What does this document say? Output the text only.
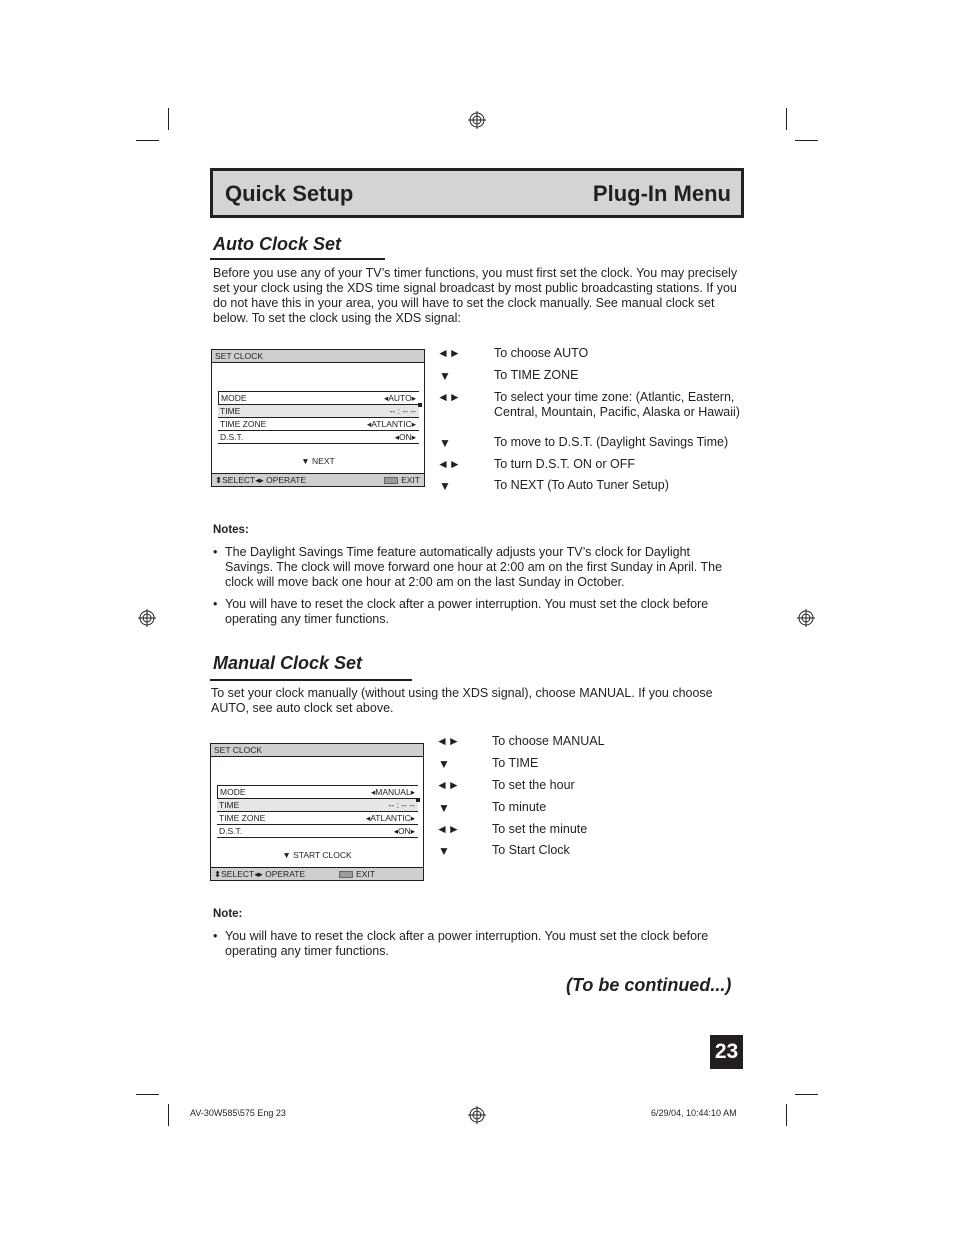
Quick Setup	Plug-In Menu
Auto Clock Set
Before you use any of your TV’s timer functions, you must first set the clock. You may precisely set your clock using the XDS time signal broadcast by most public broadcasting stations. If you do not have this in your area, you will have to set the clock manually. See manual clock set below. To set the clock using the XDS signal:
SET CLOCK
MODE	◂AUTO▸
TIME	-- : -- --
TIME ZONE	◂ATLANTIC▸
D.S.T.	◂ON▸
▼ NEXT
⬍SELECT◂▸ OPERATE	EXIT
◄►	To choose AUTO
▼	To TIME ZONE
◄►	To select your time zone: (Atlantic, Eastern, Central, Mountain, Pacific, Alaska or Hawaii)
▼	To move to D.S.T. (Daylight Savings Time)
◄►	To turn D.S.T. ON or OFF
▼	To NEXT (To Auto Tuner Setup)
Notes:
• The Daylight Savings Time feature automatically adjusts your TV’s clock for Daylight Savings. The clock will move forward one hour at 2:00 am on the first Sunday in April. The clock will move back one hour at 2:00 am on the last Sunday in October.
• You will have to reset the clock after a power interruption. You must set the clock before operating any timer functions.
Manual Clock Set
To set your clock manually (without using the XDS signal), choose MANUAL. If you choose AUTO, see auto clock set above.
SET CLOCK
MODE	◂MANUAL▸
TIME	-- : -- --
TIME ZONE	◂ATLANTIC▸
D.S.T.	◂ON▸
▼ START CLOCK
⬍SELECT◂▸ OPERATE	EXIT
◄►	To choose MANUAL
▼	To TIME
◄►	To set the hour
▼	To minute
◄►	To set the minute
▼	To Start Clock
Note:
• You will have to reset the clock after a power interruption. You must set the clock before operating any timer functions.
(To be continued...)
23
AV-30W585\575 Eng 23	6/29/04, 10:44:10 AM
